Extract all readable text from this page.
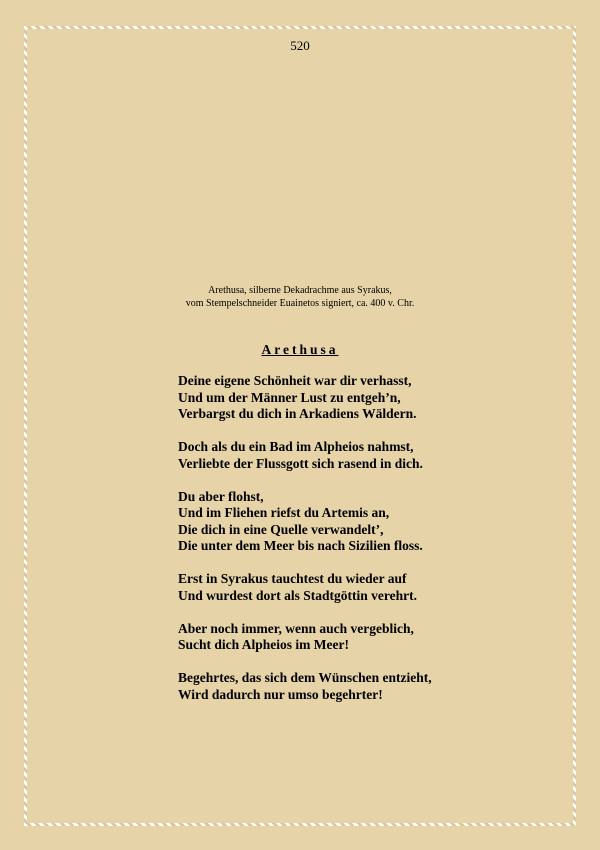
520
Arethusa, silberne Dekadrachme aus Syrakus,
vom Stempelschneider Euainetos signiert, ca. 400 v. Chr.
Arethusa
Deine eigene Schönheit war dir verhasst,
Und um der Männer Lust zu entgeh’n,
Verbargst du dich in Arkadiens Wäldern.
Doch als du ein Bad im Alpheios nahmst,
Verliebte der Flussgott sich rasend in dich.
Du aber flohst,
Und im Fliehen riefst du Artemis an,
Die dich in eine Quelle verwandelt’,
Die unter dem Meer bis nach Sizilien floss.
Erst in Syrakus tauchtest du wieder auf
Und wurdest dort als Stadtgöttin verehrt.
Aber noch immer, wenn auch vergeblich,
Sucht dich Alpheios im Meer!
Begehrtes, das sich dem Wünschen entzieht,
Wird dadurch nur umso begehrter!
